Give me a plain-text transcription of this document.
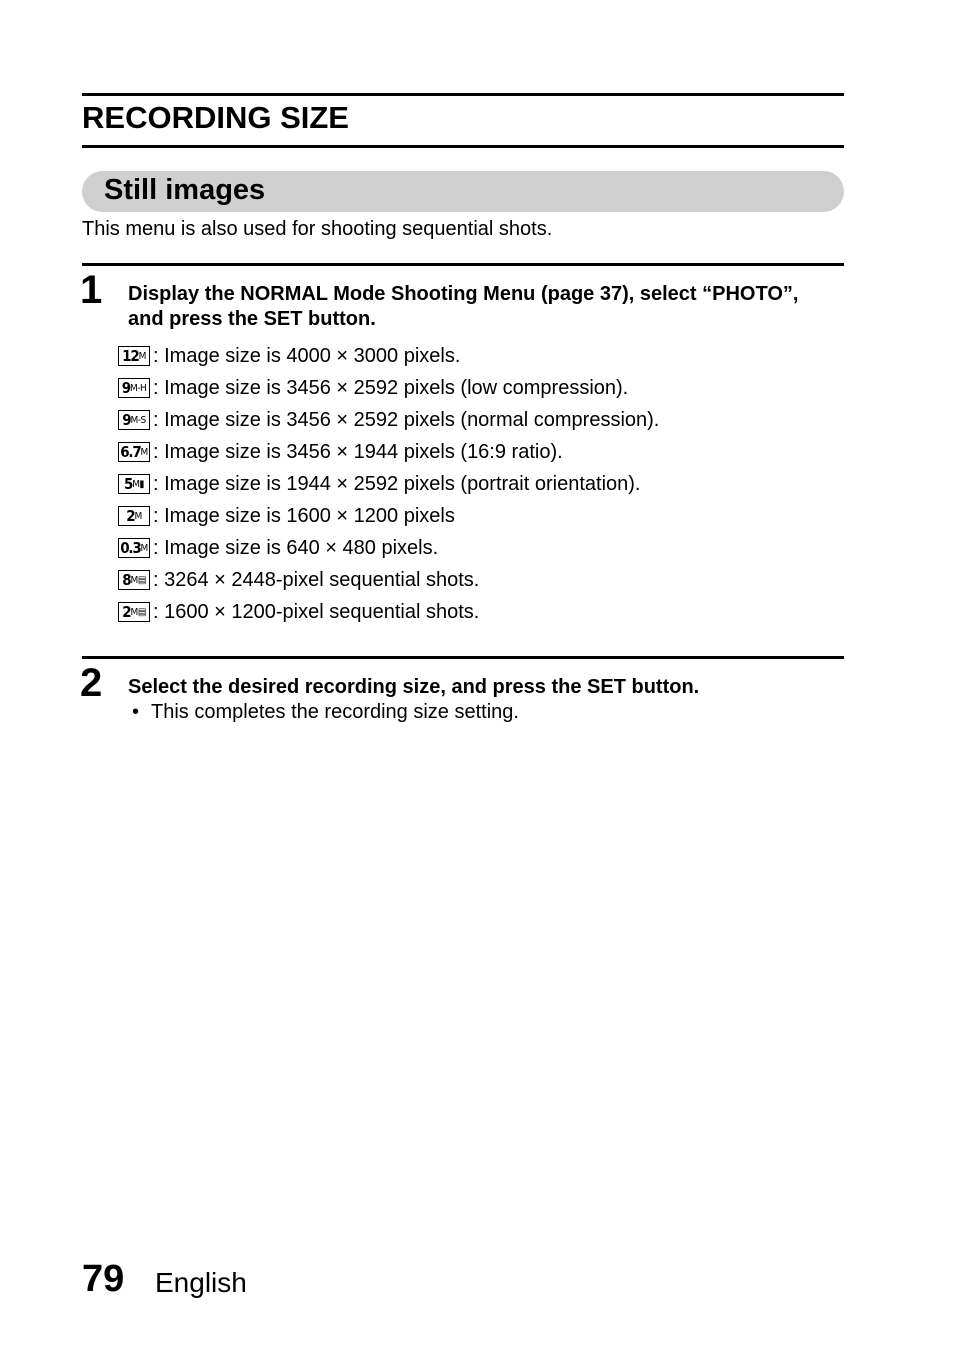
RECORDING SIZE
Still images
This menu is also used for shooting sequential shots.
1 Display the NORMAL Mode Shooting Menu (page 37), select “PHOTO”, and press the SET button.
12 M : Image size is 4000 × 3000 pixels.
9 M-H : Image size is 3456 × 2592 pixels (low compression).
9 M-S : Image size is 3456 × 2592 pixels (normal compression).
6.7 M : Image size is 3456 × 1944 pixels (16:9 ratio).
5 M▮ : Image size is 1944 × 2592 pixels (portrait orientation).
2 M : Image size is 1600 × 1200 pixels
0.3 M : Image size is 640 × 480 pixels.
8 M▤ : 3264 × 2448-pixel sequential shots.
2 M▤ : 1600 × 1200-pixel sequential shots.
2 Select the desired recording size, and press the SET button.
• This completes the recording size setting.
79 English
